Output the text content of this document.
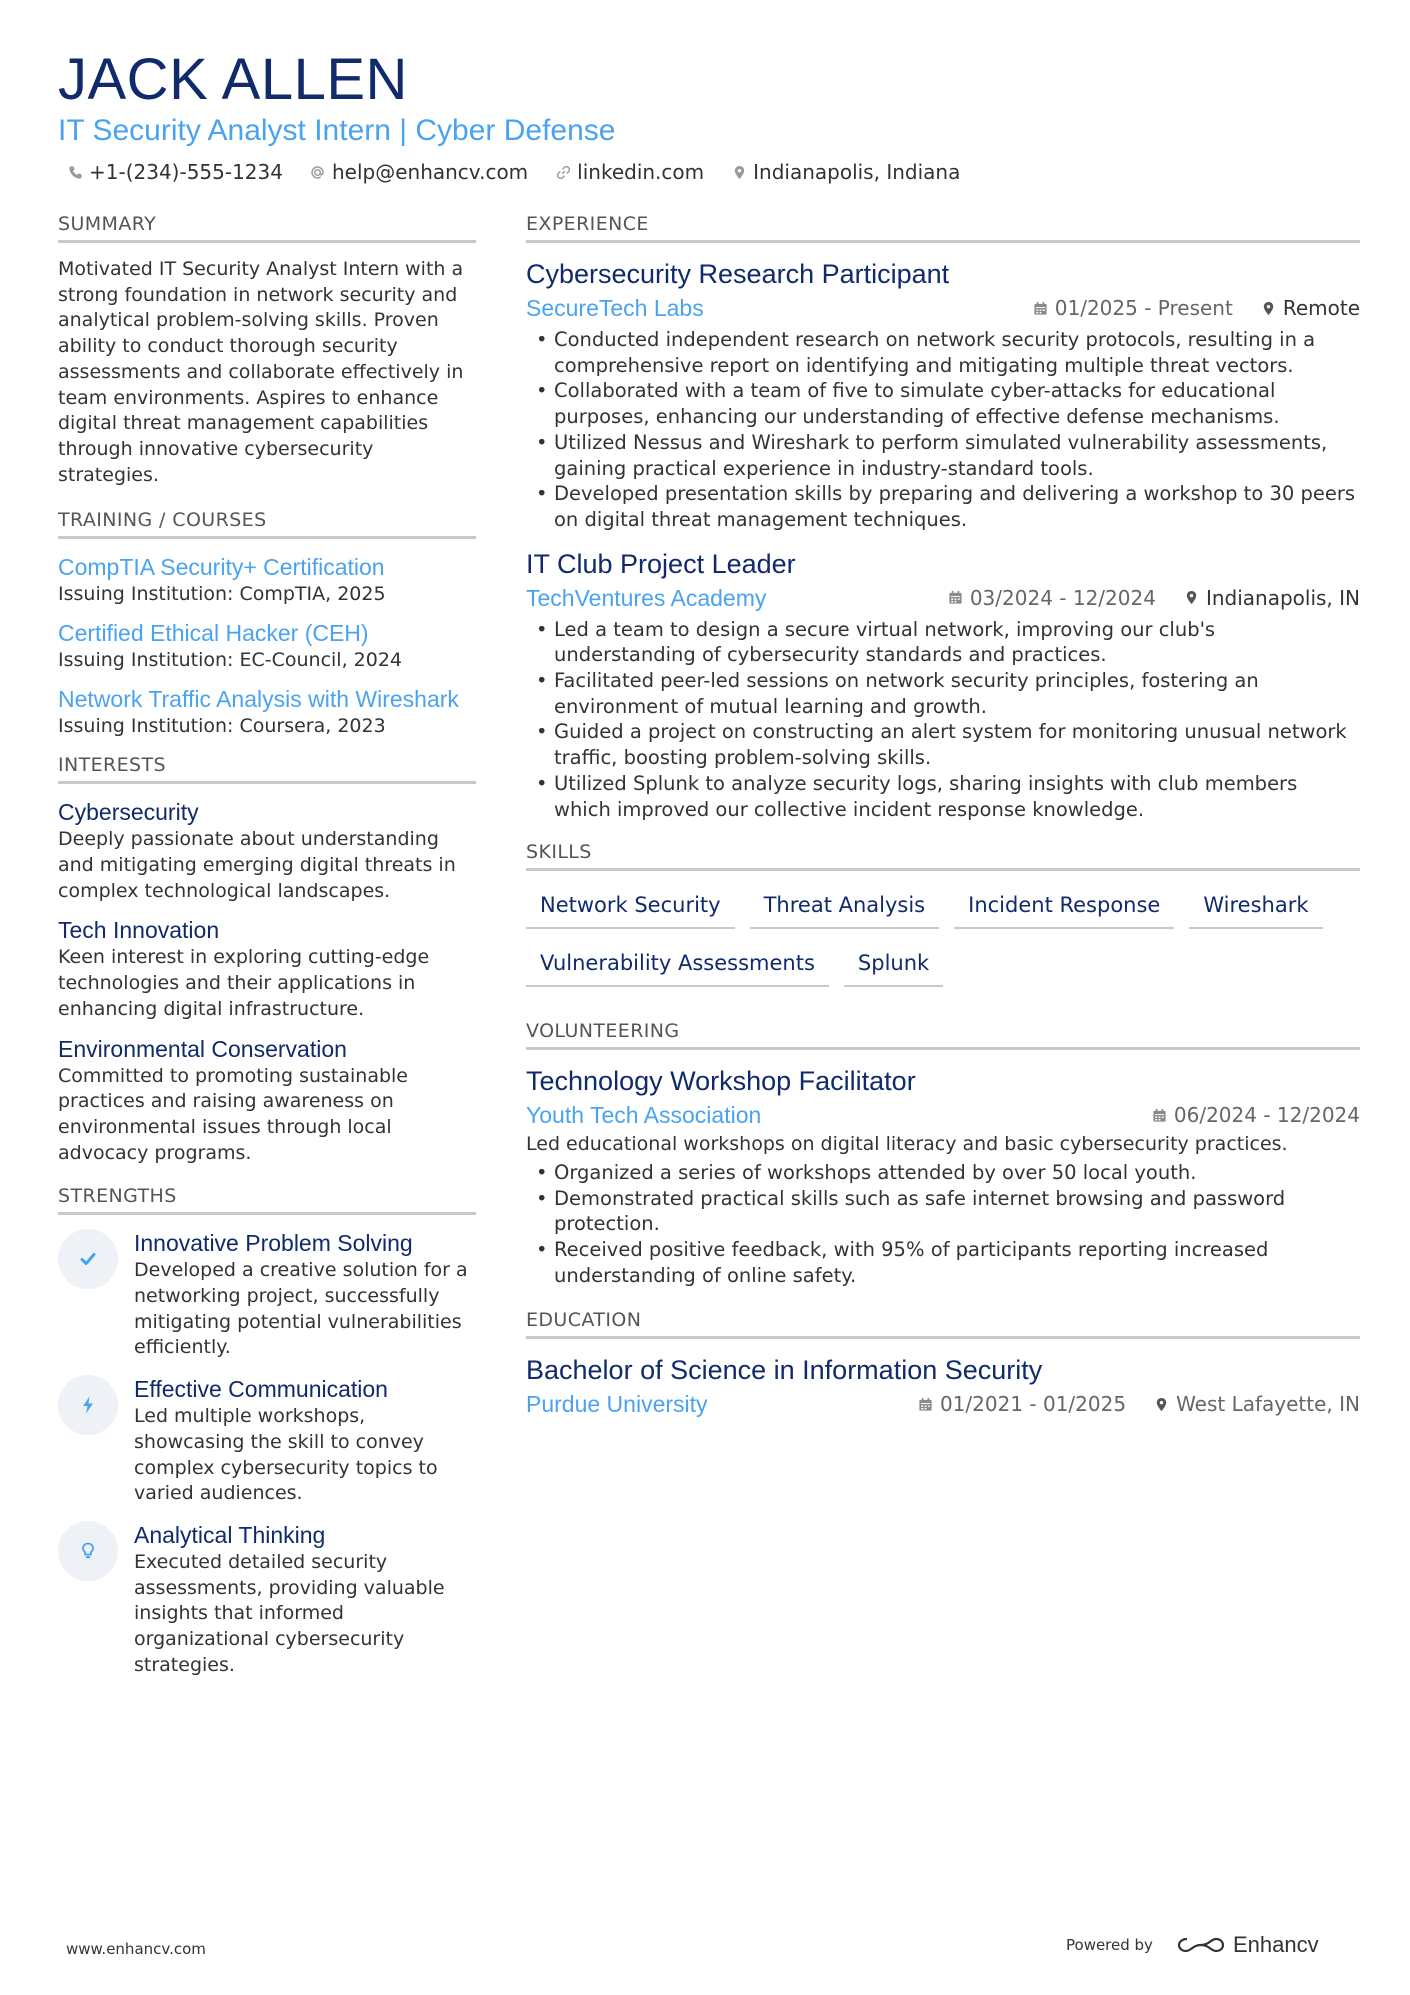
JACK ALLEN
IT Security Analyst Intern | Cyber Defense
+1-(234)-555-1234 help@enhancv.com linkedin.com Indianapolis, Indiana
SUMMARY
Motivated IT Security Analyst Intern with a strong foundation in network security and analytical problem-solving skills. Proven ability to conduct thorough security assessments and collaborate effectively in team environments. Aspires to enhance digital threat management capabilities through innovative cybersecurity strategies.
TRAINING / COURSES
CompTIA Security+ Certification
Issuing Institution: CompTIA, 2025
Certified Ethical Hacker (CEH)
Issuing Institution: EC-Council, 2024
Network Traffic Analysis with Wireshark
Issuing Institution: Coursera, 2023
INTERESTS
Cybersecurity
Deeply passionate about understanding and mitigating emerging digital threats in complex technological landscapes.
Tech Innovation
Keen interest in exploring cutting-edge technologies and their applications in enhancing digital infrastructure.
Environmental Conservation
Committed to promoting sustainable practices and raising awareness on environmental issues through local advocacy programs.
STRENGTHS
Innovative Problem Solving
Developed a creative solution for a networking project, successfully mitigating potential vulnerabilities efficiently.
Effective Communication
Led multiple workshops, showcasing the skill to convey complex cybersecurity topics to varied audiences.
Analytical Thinking
Executed detailed security assessments, providing valuable insights that informed organizational cybersecurity strategies.
EXPERIENCE
Cybersecurity Research Participant
SecureTech Labs	01/2025 - Present	Remote
• Conducted independent research on network security protocols, resulting in a comprehensive report on identifying and mitigating multiple threat vectors.
• Collaborated with a team of five to simulate cyber-attacks for educational purposes, enhancing our understanding of effective defense mechanisms.
• Utilized Nessus and Wireshark to perform simulated vulnerability assessments, gaining practical experience in industry-standard tools.
• Developed presentation skills by preparing and delivering a workshop to 30 peers on digital threat management techniques.
IT Club Project Leader
TechVentures Academy	03/2024 - 12/2024	Indianapolis, IN
• Led a team to design a secure virtual network, improving our club's understanding of cybersecurity standards and practices.
• Facilitated peer-led sessions on network security principles, fostering an environment of mutual learning and growth.
• Guided a project on constructing an alert system for monitoring unusual network traffic, boosting problem-solving skills.
• Utilized Splunk to analyze security logs, sharing insights with club members which improved our collective incident response knowledge.
SKILLS
Network Security	Threat Analysis	Incident Response	Wireshark
Vulnerability Assessments	Splunk
VOLUNTEERING
Technology Workshop Facilitator
Youth Tech Association	06/2024 - 12/2024
Led educational workshops on digital literacy and basic cybersecurity practices.
• Organized a series of workshops attended by over 50 local youth.
• Demonstrated practical skills such as safe internet browsing and password protection.
• Received positive feedback, with 95% of participants reporting increased understanding of online safety.
EDUCATION
Bachelor of Science in Information Security
Purdue University	01/2021 - 01/2025	West Lafayette, IN
www.enhancv.com	Powered by	Enhancv
